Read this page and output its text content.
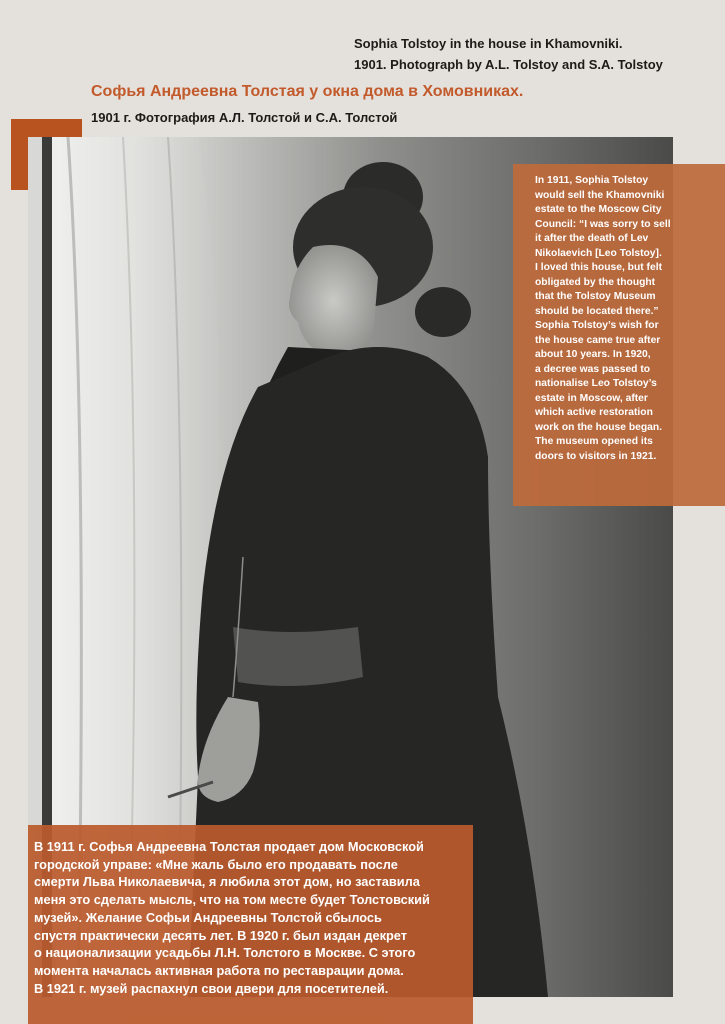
Sophia Tolstoy in the house in Khamovniki.
1901. Photograph by A.L. Tolstoy and S.A. Tolstoy
Софья Андреевна Толстая у окна дома в Хомовниках.
1901 г. Фотография А.Л. Толстой и С.А. Толстой
In 1911, Sophia Tolstoy
would sell the Khamovniki
estate to the Moscow City
Council: “I was sorry to sell
it after the death of Lev
Nikolaevich [Leo Tolstoy].
I loved this house, but felt
obligated by the thought
that the Tolstoy Museum
should be located there.”
Sophia Tolstoy’s wish for
the house came true after
about 10 years. In 1920,
a decree was passed to
nationalise Leo Tolstoy’s
estate in Moscow, after
which active restoration
work on the house began.
The museum opened its
doors to visitors in 1921.
В 1911 г. Софья Андреевна Толстая продает дом Московской
городской управе: «Мне жаль было его продавать после
смерти Льва Николаевича, я любила этот дом, но заставила
меня это сделать мысль, что на том месте будет Толстовский
музей». Желание Софьи Андреевны Толстой сбылось
спустя практически десять лет. В 1920 г. был издан декрет
о национализации усадьбы Л.Н. Толстого в Москве. С этого
момента началась активная работа по реставрации дома.
В 1921 г. музей распахнул свои двери для посетителей.
